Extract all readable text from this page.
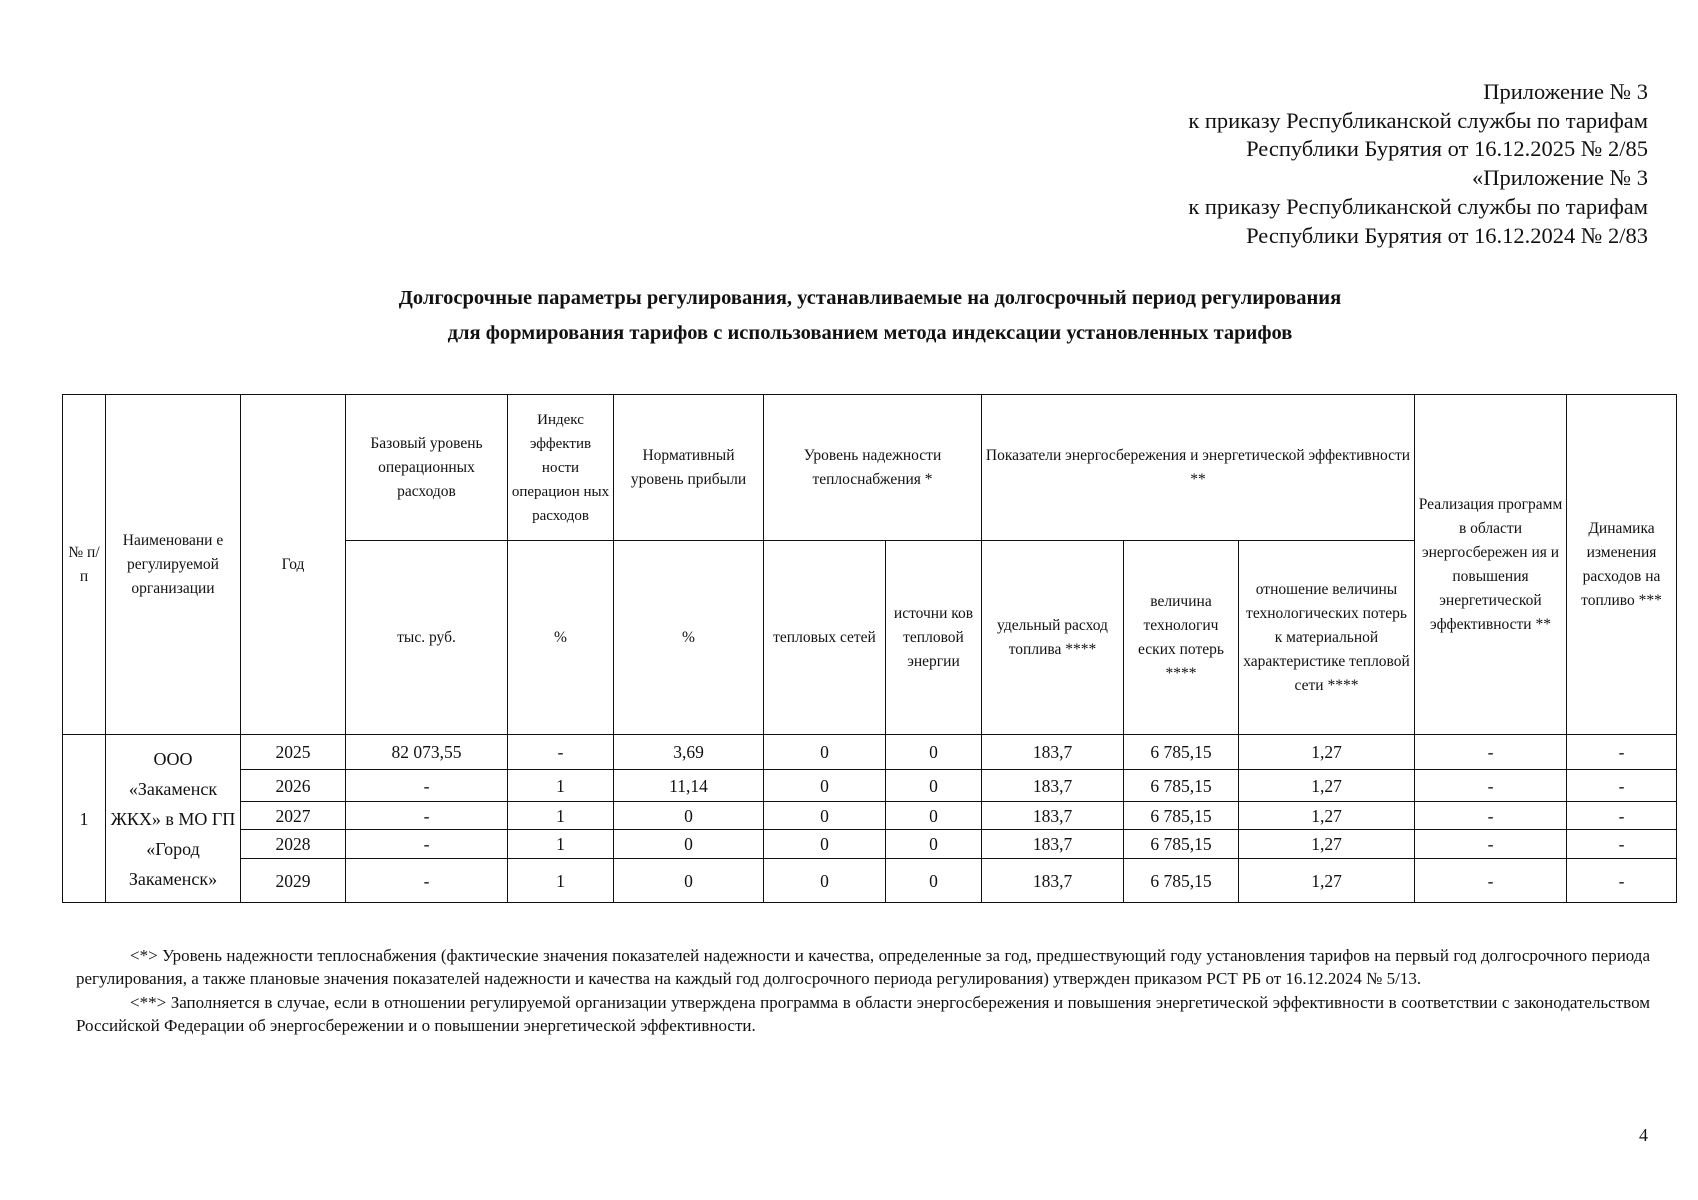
Приложение № 3
к приказу Республиканской службы по тарифам
Республики Бурятия от 16.12.2025 № 2/85
«Приложение № 3
к приказу Республиканской службы по тарифам
Республики Бурятия от 16.12.2024 № 2/83
Долгосрочные параметры регулирования, устанавливаемые на долгосрочный период регулирования
для формирования тарифов с использованием метода индексации установленных тарифов
№ п/ п	Наименовани е регулируемой организации	Год	Базовый уровень операционных расходов	Индекс эффектив ности операцион ных расходов	Нормативный уровень прибыли	Уровень надежности теплоснабжения *		Показатели энергосбережения и энергетической эффективности **			Реализация программ в области энергосбережен ия и повышения энергетической эффективности **	Динамика изменения расходов на топливо ***
			тыс. руб.	%	%	тепловых сетей	источни ков тепловой энергии	удельный расход топлива ****	величина технологич еских потерь ****	отношение величины технологических потерь к материальной характеристике тепловой сети ****		
1	ООО «Закаменск ЖКХ» в МО ГП «Город Закаменск»	2025	82 073,55	-	3,69	0	0	183,7	6 785,15	1,27	-	-
		2026	-	1	11,14	0	0	183,7	6 785,15	1,27	-	-
		2027	-	1	0	0	0	183,7	6 785,15	1,27	-	-
		2028	-	1	0	0	0	183,7	6 785,15	1,27	-	-
		2029	-	1	0	0	0	183,7	6 785,15	1,27	-	-

<*> Уровень надежности теплоснабжения (фактические значения показателей надежности и качества, определенные за год, предшествующий году установления тарифов на первый год долгосрочного периода регулирования, а также плановые значения показателей надежности и качества на каждый год долгосрочного периода регулирования) утвержден приказом РСТ РБ от 16.12.2024 № 5/13.

<**> Заполняется в случае, если в отношении регулируемой организации утверждена программа в области энергосбережения и повышения энергетической эффективности в соответствии с законодательством Российской Федерации об энергосбережении и о повышении энергетической эффективности.

4
